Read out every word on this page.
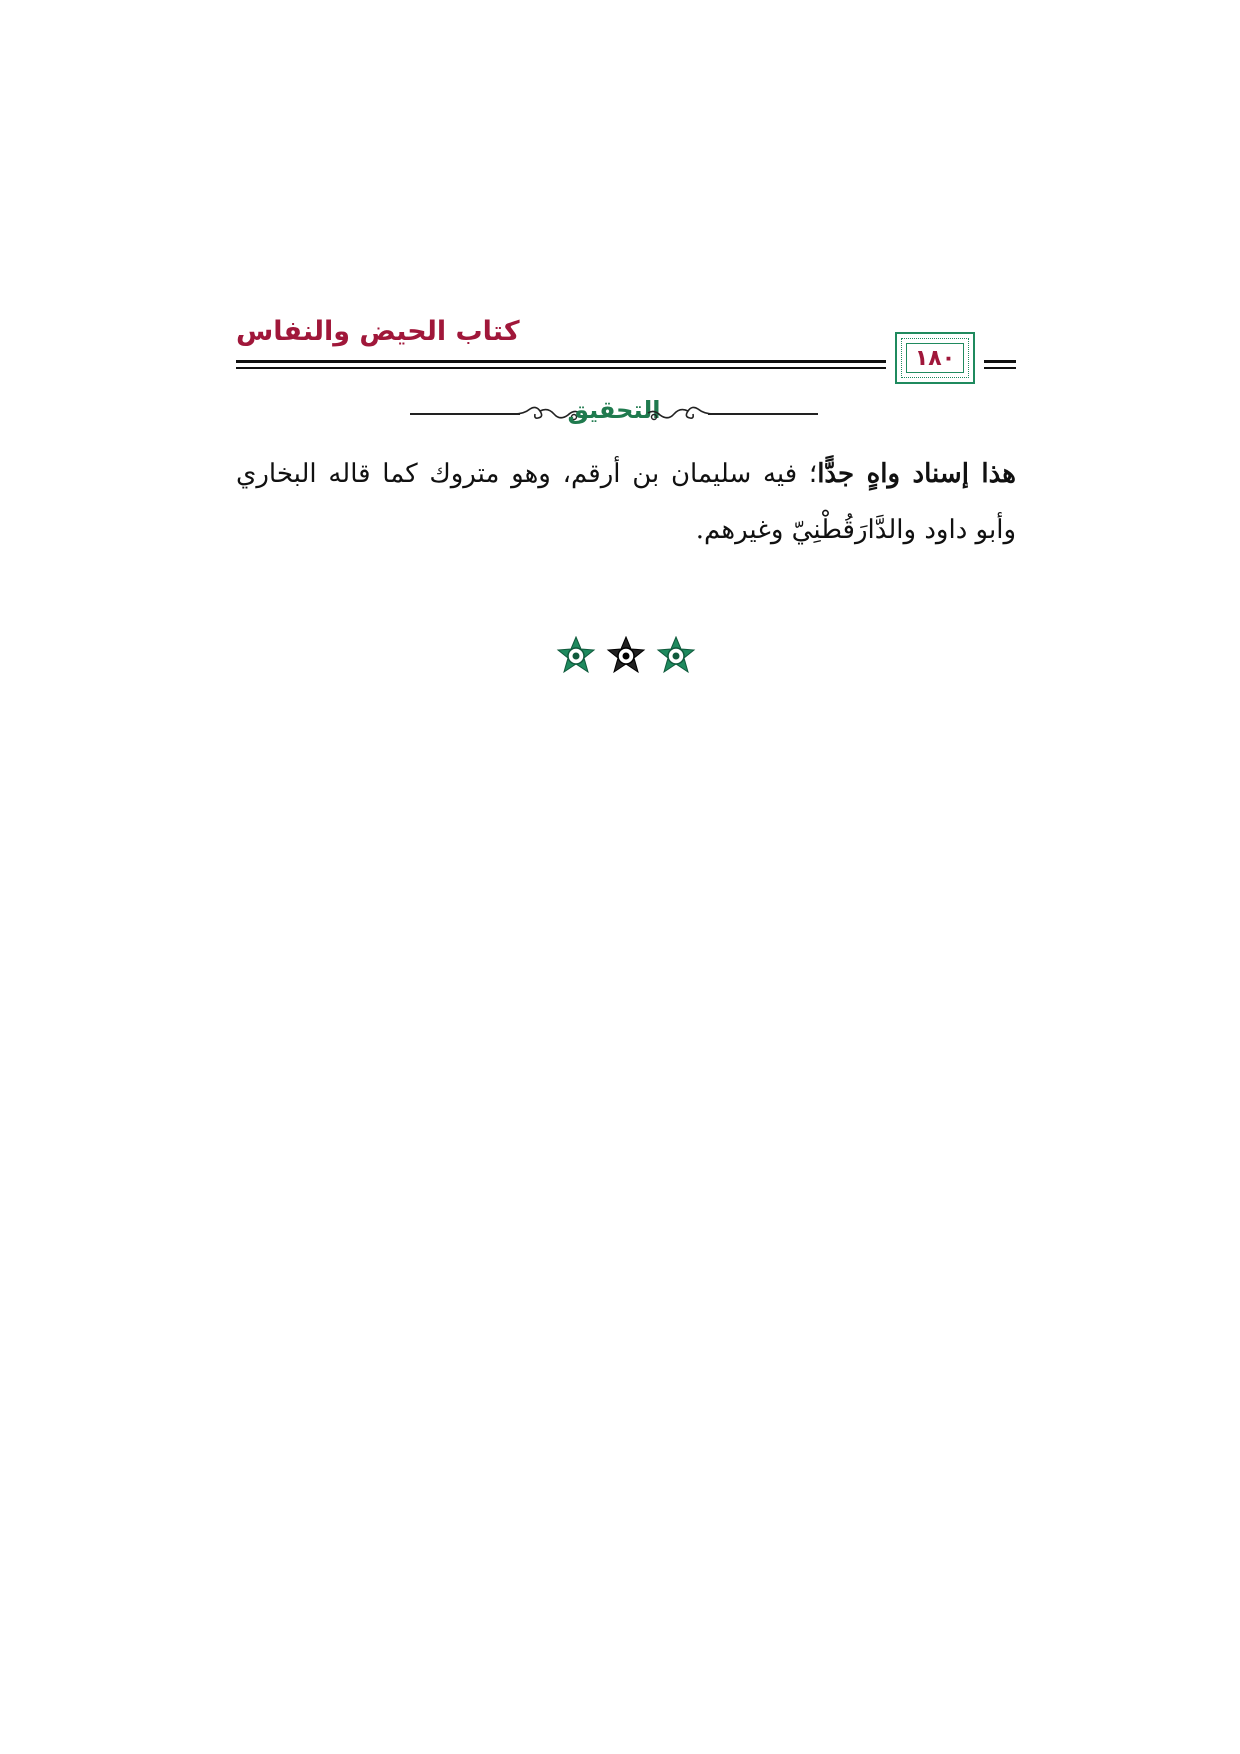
كتاب الحيض والنفاس
١٨٠
التحقيق
هذا إسناد واهٍ جدًّا؛ فيه سليمان بن أرقم، وهو متروك كما قاله البخاري وأبو داود والدَّارَقُطْنِيّ وغيرهم.
